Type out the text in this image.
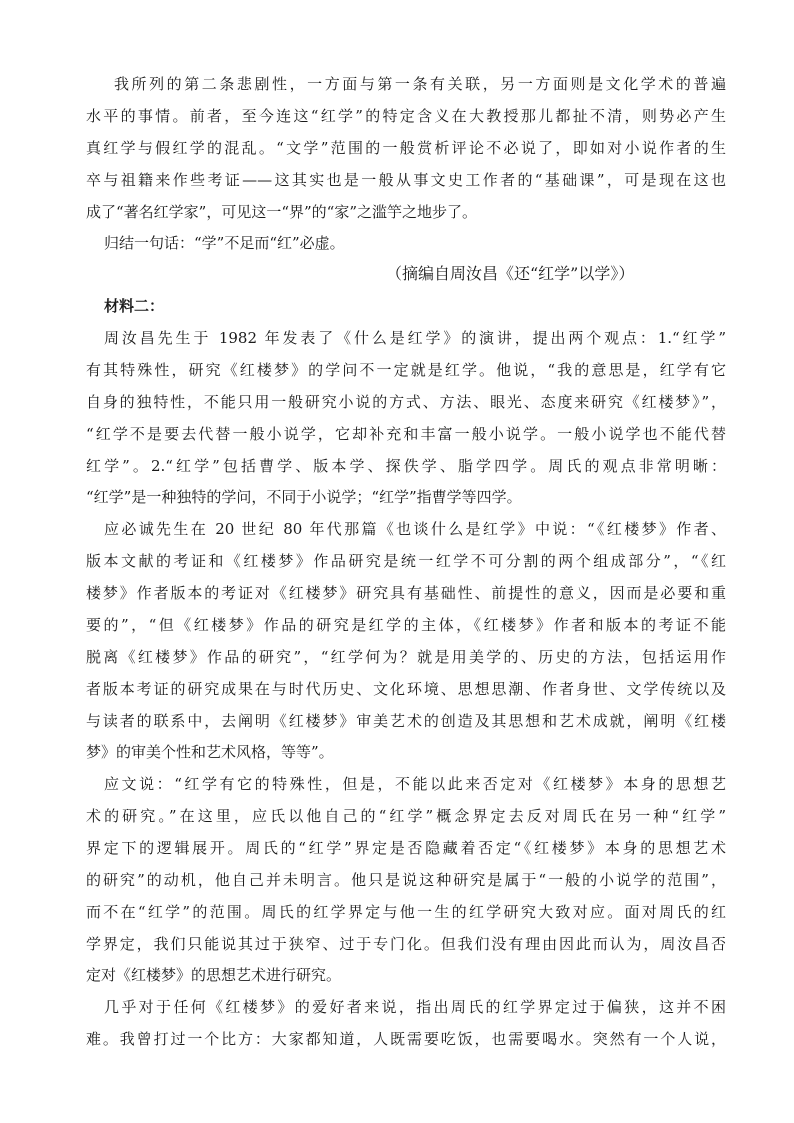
我所列的第二条悲剧性，一方面与第一条有关联，另一方面则是文化学术的普遍
水平的事情。前者，至今连这“红学”的特定含义在大教授那儿都扯不清，则势必产生
真红学与假红学的混乱。“文学”范围的一般赏析评论不必说了，即如对小说作者的生
卒与祖籍来作些考证——这其实也是一般从事文史工作者的“基础课”，可是现在这也
成了“著名红学家”，可见这一“界”的“家”之滥竽之地步了。
归结一句话：“学”不足而“红”必虚。
（摘编自周汝昌《还“红学”以学》）
材料二：
周汝昌先生于 1982 年发表了《什么是红学》的演讲，提出两个观点：1.“红学”
有其特殊性，研究《红楼梦》的学问不一定就是红学。他说，“我的意思是，红学有它
自身的独特性，不能只用一般研究小说的方式、方法、眼光、态度来研究《红楼梦》”，
“红学不是要去代替一般小说学，它却补充和丰富一般小说学。一般小说学也不能代替
红学”。2.“红学”包括曹学、版本学、探佚学、脂学四学。周氏的观点非常明晰：
“红学”是一种独特的学问，不同于小说学；“红学”指曹学等四学。
应必诚先生在 20 世纪 80 年代那篇《也谈什么是红学》中说：“《红楼梦》作者、
版本文献的考证和《红楼梦》作品研究是统一红学不可分割的两个组成部分”，“《红
楼梦》作者版本的考证对《红楼梦》研究具有基础性、前提性的意义，因而是必要和重
要的”，“但《红楼梦》作品的研究是红学的主体，《红楼梦》作者和版本的考证不能
脱离《红楼梦》作品的研究”，“红学何为？就是用美学的、历史的方法，包括运用作
者版本考证的研究成果在与时代历史、文化环境、思想思潮、作者身世、文学传统以及
与读者的联系中，去阐明《红楼梦》审美艺术的创造及其思想和艺术成就，阐明《红楼
梦》的审美个性和艺术风格，等等”。
应文说：“红学有它的特殊性，但是，不能以此来否定对《红楼梦》本身的思想艺
术的研究。”在这里，应氏以他自己的“红学”概念界定去反对周氏在另一种“红学”
界定下的逻辑展开。周氏的“红学”界定是否隐藏着否定“《红楼梦》本身的思想艺术
的研究”的动机，他自己并未明言。他只是说这种研究是属于“一般的小说学的范围”，
而不在“红学”的范围。周氏的红学界定与他一生的红学研究大致对应。面对周氏的红
学界定，我们只能说其过于狭窄、过于专门化。但我们没有理由因此而认为，周汝昌否
定对《红楼梦》的思想艺术进行研究。
几乎对于任何《红楼梦》的爱好者来说，指出周氏的红学界定过于偏狭，这并不困
难。我曾打过一个比方：大家都知道，人既需要吃饭，也需要喝水。突然有一个人说，
